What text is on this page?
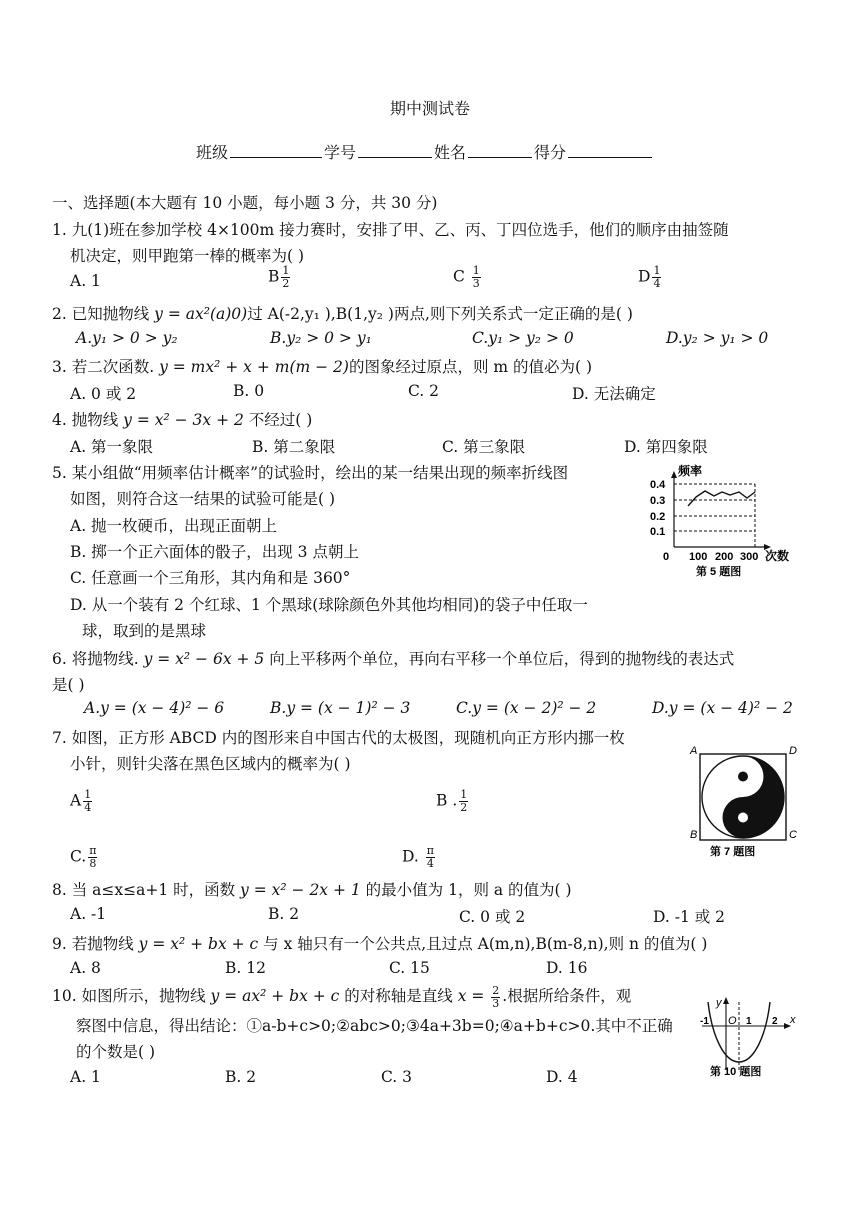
期中测试卷
班级	学号	姓名	得分
一、选择题(本大题有 10 小题，每小题 3 分，共 30 分)
1. 九(1)班在参加学校 4×100m 接力赛时，安排了甲、乙、丙、丁四位选手，他们的顺序由抽签随
机决定，则甲跑第一棒的概率为( )
A. 1	B $\frac{1}{2}$	C $\frac{1}{3}$	D $\frac{1}{4}$
2. 已知抛物线 y = ax²(a)0)过 A(-2,y₁ ),B(1,y₂ )两点,则下列关系式一定正确的是( )
A.y₁ > 0 > y₂	B.y₂ > 0 > y₁	C.y₁ > y₂ > 0	D.y₂ > y₁ > 0
3. 若二次函数. y = mx² + x + m(m − 2)的图象经过原点，则 m 的值必为( )
A. 0 或 2	B. 0	C. 2	D. 无法确定
4. 抛物线 y = x² − 3x + 2 不经过( )
A. 第一象限	B. 第二象限	C. 第三象限	D. 第四象限
5. 某小组做“用频率估计概率”的试验时，绘出的某一结果出现的频率折线图
如图，则符合这一结果的试验可能是( )
A. 抛一枚硬币，出现正面朝上
B. 掷一个正六面体的骰子，出现 3 点朝上
C. 任意画一个三角形，其内角和是 360°
D. 从一个装有 2 个红球、1 个黑球(球除颜色外其他均相同)的袋子中任取一
球，取到的是黑球
频率
0.4
0.3
0.2
0.1
0 100 200 300 次数
第 5 题图
6. 将抛物线. y = x² − 6x + 5 向上平移两个单位，再向右平移一个单位后，得到的抛物线的表达式
是( )
A.y = (x − 4)² − 6	B.y = (x − 1)² − 3	C.y = (x − 2)² − 2	D.y = (x − 4)² − 2
7. 如图，正方形 ABCD 内的图形来自中国古代的太极图，现随机向正方形内挪一枚
小针，则针尖落在黑色区域内的概率为( )
A $\frac{1}{4}$	B . $\frac{1}{2}$
C. $\frac{\pi}{8}$	D. $\frac{\pi}{4}$
A	D
B	C
第 7 题图
8. 当 a≤x≤a+1 时，函数 y = x² − 2x + 1 的最小值为 1，则 a 的值为( )
A. -1	B. 2	C. 0 或 2	D. -1 或 2
9. 若抛物线 y = x² + bx + c 与 x 轴只有一个公共点,且过点 A(m,n),B(m-8,n),则 n 的值为( )
A. 8	B. 12	C. 15	D. 16
10. 如图所示，抛物线 y = ax² + bx + c 的对称轴是直线 $x = \frac{2}{3}$ .根据所给条件，观
察图中信息，得出结论：①a-b+c>0;②abc>0;③4a+3b=0;④a+b+c>0.其中不正确
的个数是( )
A. 1	B. 2	C. 3	D. 4
y
x
-1 O 1 2
第 10 题图
